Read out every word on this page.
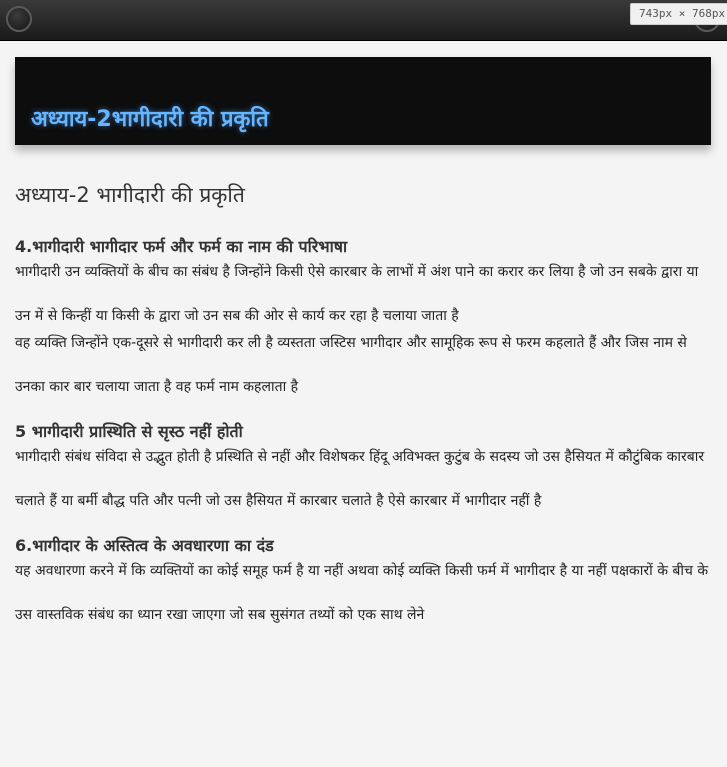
743px × 768px
अध्याय-2भागीदारी की प्रकृति
अध्याय-2 भागीदारी की प्रकृति
4.भागीदारी भागीदार फर्म और फर्म का नाम की परिभाषा

भागीदारी उन व्यक्तियों के बीच का संबंध है जिन्होंने किसी ऐसे कारबार के लाभों में अंश पाने का करार कर लिया है जो उन सबके द्वारा या उन में से किन्हीं या किसी के द्वारा जो उन सब की ओर से कार्य कर रहा है चलाया जाता है

वह व्यक्ति जिन्होंने एक-दूसरे से भागीदारी कर ली है व्यस्तता जस्टिस भागीदार और सामूहिक रूप से फरम कहलाते हैं और जिस नाम से उनका कार बार चलाया जाता है वह फर्म नाम कहलाता है

5 भागीदारी प्रास्थिति से सृस्ठ नहीं होती

भागीदारी संबंध संविदा से उद्भुत होती है प्रस्थिति से नहीं और विशेषकर हिंदू अविभक्त कुटुंब के सदस्य जो उस हैसियत में कौटुंबिक कारबार चलाते हैं या बर्मी बौद्ध पति और पत्नी जो उस हैसियत में कारबार चलाते है ऐसे कारबार में भागीदार नहीं है

6.भागीदार के अस्तित्व के अवधारणा का दंड

यह अवधारणा करने में कि व्यक्तियों का कोई समूह फर्म है या नहीं अथवा कोई व्यक्ति किसी फर्म में भागीदार है या नहीं पक्षकारों के बीच के उस वास्तविक संबंध का ध्यान रखा जाएगा जो सब सुसंगत तथ्यों को एक साथ लेने
